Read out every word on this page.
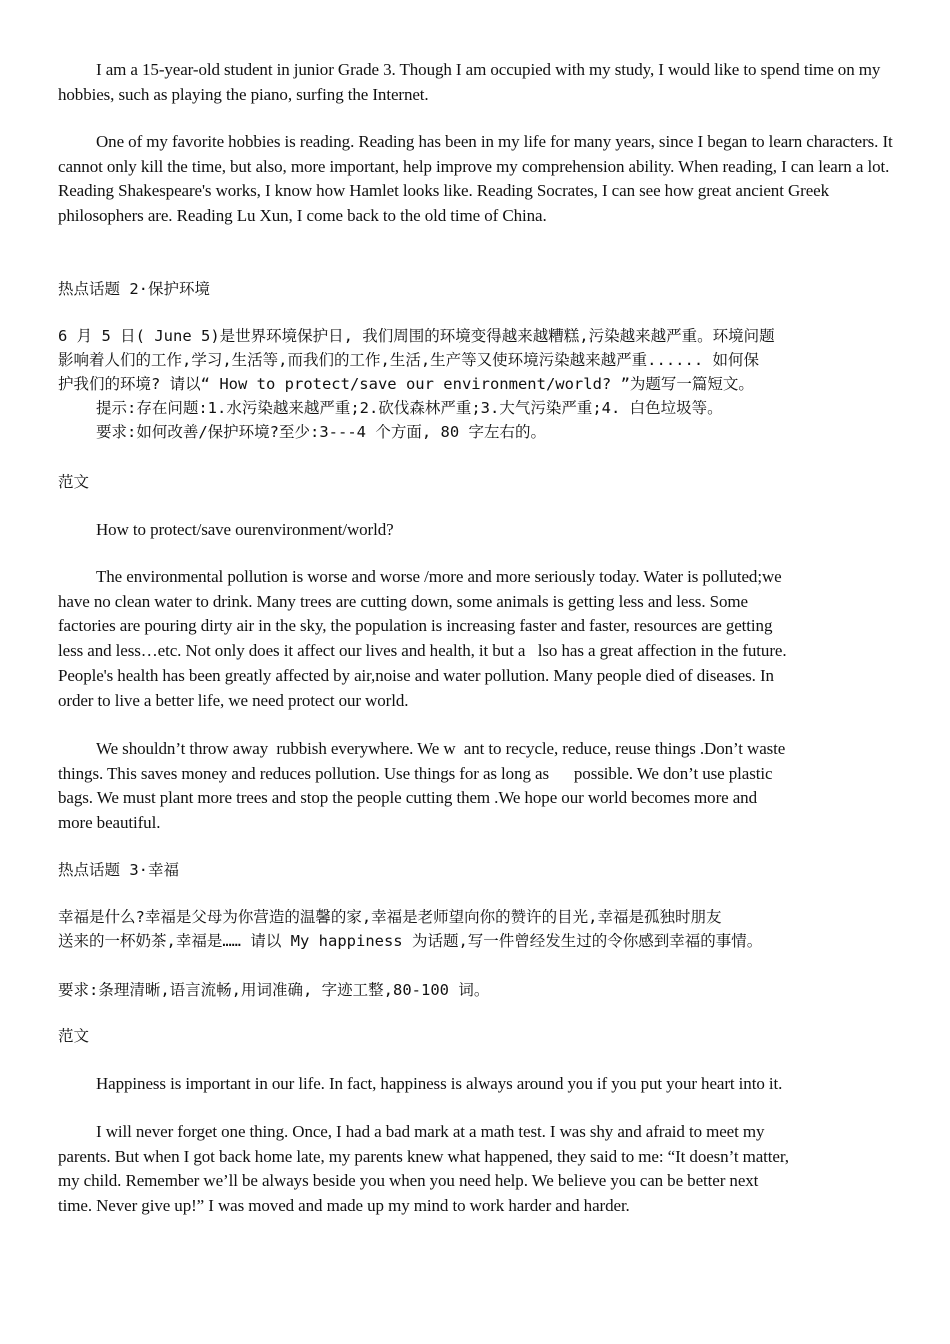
I am a 15-year-old student in junior Grade 3. Though I am occupied with my study, I would like to spend time on my hobbies, such as playing the piano, surfing the Internet.

One of my favorite hobbies is reading. Reading has been in my life for many years, since I began to learn characters. It cannot only kill the time, but also, more important, help improve my comprehension ability. When reading, I can learn a lot. Reading Shakespeare's works, I know how Hamlet looks like. Reading Socrates, I can see how great ancient Greek philosophers are. Reading Lu Xun, I come back to the old time of China.

热点话题 2·保护环境
6 月 5 日( June 5)是世界环境保护日, 我们周围的环境变得越来越糟糕,污染越来越严重。环境问题
影响着人们的工作,学习,生活等,而我们的工作,生活,生产等又使环境污染越来越严重...... 如何保
护我们的环境? 请以“ How to protect/save our environment/world? ”为题写一篇短文。
提示:存在问题:1.水污染越来越严重;2.砍伐森林严重;3.大气污染严重;4. 白色垃圾等。
要求:如何改善/保护环境?至少:3---4 个方面, 80 字左右的。
范文
How to protect/save ourenvironment/world?
The environmental pollution is worse and worse /more and more seriously today. Water is polluted;we
have no clean water to drink. Many trees are cutting down, some animals is getting less and less. Some
factories are pouring dirty air in the sky, the population is increasing faster and faster, resources are getting
less and less…etc. Not only does it affect our lives and health, it but a   lso has a great affection in the future.
People's health has been greatly affected by air,noise and water pollution. Many people died of diseases. In
order to live a better life, we need protect our world.
We shouldn’t throw away  rubbish everywhere. We w  ant to recycle, reduce, reuse things .Don’t waste
things. This saves money and reduces pollution. Use things for as long as      possible. We don’t use plastic
bags. We must plant more trees and stop the people cutting them .We hope our world becomes more and
more beautiful.
热点话题 3·幸福
幸福是什么?幸福是父母为你营造的温馨的家,幸福是老师望向你的赞许的目光,幸福是孤独时朋友
送来的一杯奶茶,幸福是…… 请以 My happiness 为话题,写一件曾经发生过的令你感到幸福的事情。
要求:条理清晰,语言流畅,用词准确, 字迹工整,80-100 词。
范文
Happiness is important in our life. In fact, happiness is always around you if you put your heart into it.
I will never forget one thing. Once, I had a bad mark at a math test. I was shy and afraid to meet my
parents. But when I got back home late, my parents knew what happened, they said to me: “It doesn’t matter,
my child. Remember we’ll be always beside you when you need help. We believe you can be better next
time. Never give up!” I was moved and made up my mind to work harder and harder.
